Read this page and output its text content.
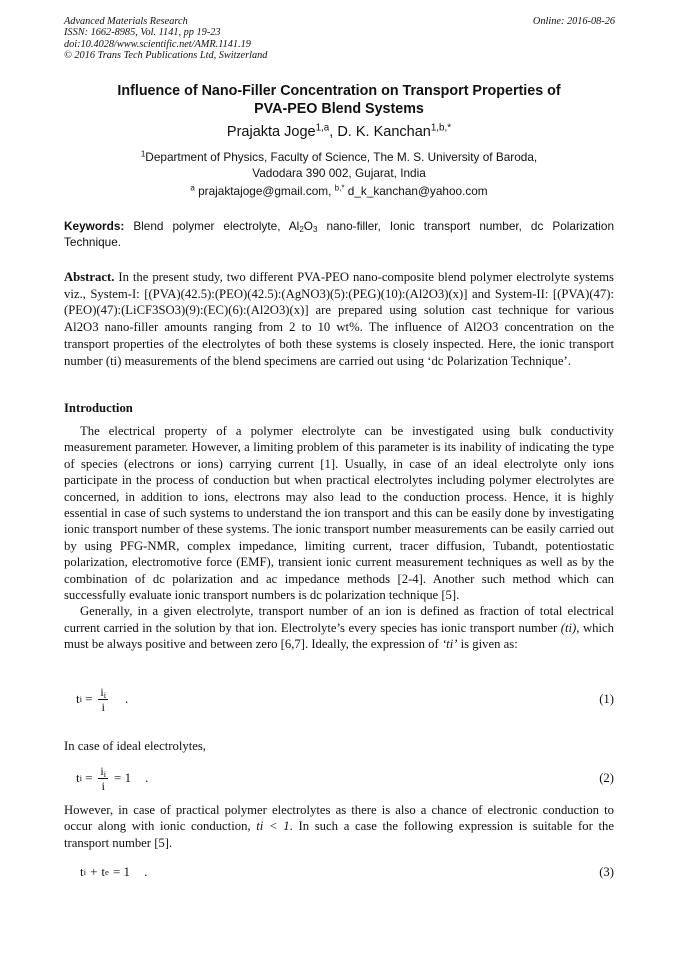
Advanced Materials Research
ISSN: 1662-8985, Vol. 1141, pp 19-23
doi:10.4028/www.scientific.net/AMR.1141.19
© 2016 Trans Tech Publications Ltd, Switzerland
Online: 2016-08-26
Influence of Nano-Filler Concentration on Transport Properties of
PVA-PEO Blend Systems
Prajakta Joge$^{1,a}$, D. K. Kanchan$^{1,b,*}$
$^1$Department of Physics, Faculty of Science, The M. S. University of Baroda,
Vadodara 390 002, Gujarat, India
$^a$ prajaktajoge@gmail.com, $^{b,*}$ d_k_kanchan@yahoo.com
Keywords: Blend polymer electrolyte, $Al_2O_3$ nano-filler, Ionic transport number, dc Polarization Technique.
Abstract. In the present study, two different PVA-PEO nano-composite blend polymer electrolyte systems viz., System-I: [(PVA)(42.5):(PEO)(42.5):(AgNO3)(5):(PEG)(10):(Al2O3)(x)] and System-II: [(PVA)(47):(PEO)(47):(LiCF3SO3)(9):(EC)(6):(Al2O3)(x)] are prepared using solution cast technique for various Al2O3 nano-filler amounts ranging from 2 to 10 wt%. The influence of Al2O3 concentration on the transport properties of the electrolytes of both these systems is closely inspected. Here, the ionic transport number (ti) measurements of the blend specimens are carried out using ‘dc Polarization Technique’.
Introduction

The electrical property of a polymer electrolyte can be investigated using bulk conductivity measurement parameter. However, a limiting problem of this parameter is its inability of indicating the type of species (electrons or ions) carrying current [1]. Usually, in case of an ideal electrolyte only ions participate in the process of conduction but when practical electrolytes including polymer electrolytes are concerned, in addition to ions, electrons may also lead to the conduction process. Hence, it is highly essential in case of such systems to understand the ion transport and this can be easily done by investigating ionic transport number of these systems. The ionic transport number measurements can be easily carried out by using PFG-NMR, complex impedance, limiting current, tracer diffusion, Tubandt, potentiostatic polarization, electromotive force (EMF), transient ionic current measurement techniques as well as by the combination of dc polarization and ac impedance methods [2-4]. Another such method which can successfully evaluate ionic transport numbers is dc polarization technique [5].

Generally, in a given electrolyte, transport number of an ion is defined as fraction of total electrical current carried in the solution by that ion. Electrolyte’s every species has ionic transport number (ti), which must be always positive and between zero [6,7]. Ideally, the expression of ‘ti’ is given as:

t $i = \frac{i_i}{i}$ .	(1)
In case of ideal electrolytes,
t $i = \frac{i_i}{i} = 1$ .	(2)
However, in case of practical polymer electrolytes as there is also a chance of electronic conduction to occur along with ionic conduction, ti < 1. In such a case the following expression is suitable for the transport number [5].
t i + t e = 1 .	(3)
